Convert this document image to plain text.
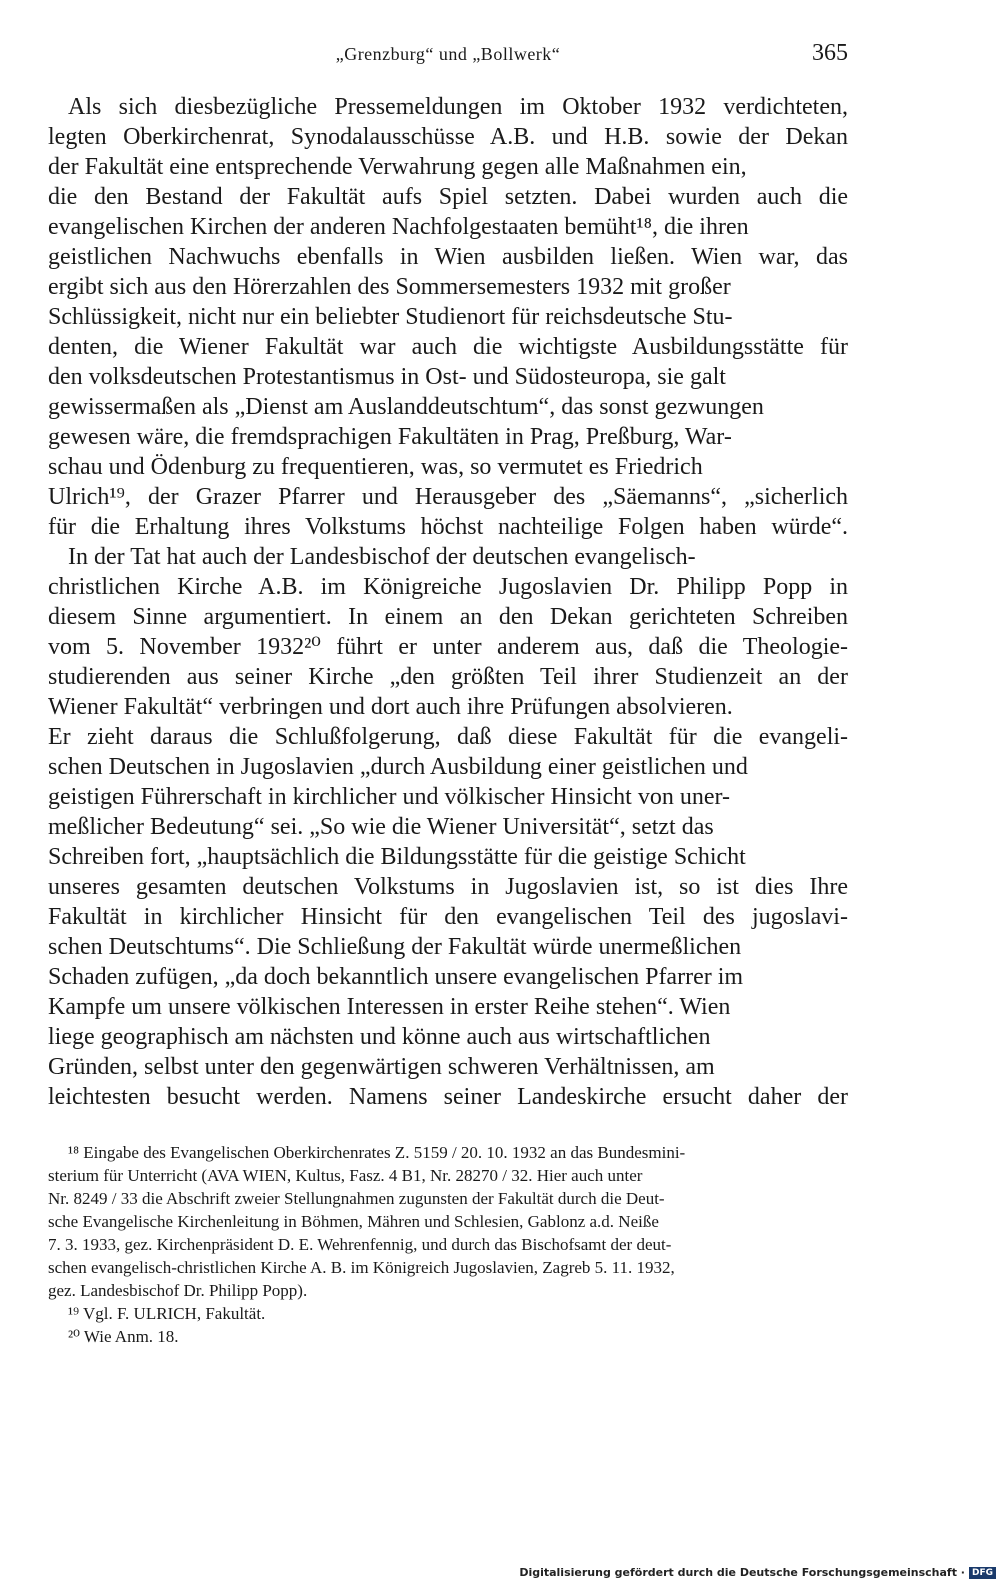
„Grenzburg“ und „Bollwerk“	365
Als sich diesbezügliche Pressemeldungen im Oktober 1932 verdichteten,
legten Oberkirchenrat, Synodalausschüsse A.B. und H.B. sowie der Dekan
der Fakultät eine entsprechende Verwahrung gegen alle Maßnahmen ein,
die den Bestand der Fakultät aufs Spiel setzten. Dabei wurden auch die
evangelischen Kirchen der anderen Nachfolgestaaten bemüht¹⁸, die ihren
geistlichen Nachwuchs ebenfalls in Wien ausbilden ließen. Wien war, das
ergibt sich aus den Hörerzahlen des Sommersemesters 1932 mit großer
Schlüssigkeit, nicht nur ein beliebter Studienort für reichsdeutsche Stu-
denten, die Wiener Fakultät war auch die wichtigste Ausbildungsstätte für
den volksdeutschen Protestantismus in Ost- und Südosteuropa, sie galt
gewissermaßen als „Dienst am Auslanddeutschtum“, das sonst gezwungen
gewesen wäre, die fremdsprachigen Fakultäten in Prag, Preßburg, War-
schau und Ödenburg zu frequentieren, was, so vermutet es Friedrich
Ulrich¹⁹, der Grazer Pfarrer und Herausgeber des „Säemanns“, „sicherlich
für die Erhaltung ihres Volkstums höchst nachteilige Folgen haben würde“.
In der Tat hat auch der Landesbischof der deutschen evangelisch-
christlichen Kirche A.B. im Königreiche Jugoslavien Dr. Philipp Popp in
diesem Sinne argumentiert. In einem an den Dekan gerichteten Schreiben
vom 5. November 1932²⁰ führt er unter anderem aus, daß die Theologie-
studierenden aus seiner Kirche „den größten Teil ihrer Studienzeit an der
Wiener Fakultät“ verbringen und dort auch ihre Prüfungen absolvieren.
Er zieht daraus die Schlußfolgerung, daß diese Fakultät für die evangeli-
schen Deutschen in Jugoslavien „durch Ausbildung einer geistlichen und
geistigen Führerschaft in kirchlicher und völkischer Hinsicht von uner-
meßlicher Bedeutung“ sei. „So wie die Wiener Universität“, setzt das
Schreiben fort, „hauptsächlich die Bildungsstätte für die geistige Schicht
unseres gesamten deutschen Volkstums in Jugoslavien ist, so ist dies Ihre
Fakultät in kirchlicher Hinsicht für den evangelischen Teil des jugoslavi-
schen Deutschtums“. Die Schließung der Fakultät würde unermeßlichen
Schaden zufügen, „da doch bekanntlich unsere evangelischen Pfarrer im
Kampfe um unsere völkischen Interessen in erster Reihe stehen“. Wien
liege geographisch am nächsten und könne auch aus wirtschaftlichen
Gründen, selbst unter den gegenwärtigen schweren Verhältnissen, am
leichtesten besucht werden. Namens seiner Landeskirche ersucht daher der
¹⁸ Eingabe des Evangelischen Oberkirchenrates Z. 5159 / 20. 10. 1932 an das Bundesmini-
sterium für Unterricht (AVA WIEN, Kultus, Fasz. 4 B1, Nr. 28270 / 32. Hier auch unter
Nr. 8249 / 33 die Abschrift zweier Stellungnahmen zugunsten der Fakultät durch die Deut-
sche Evangelische Kirchenleitung in Böhmen, Mähren und Schlesien, Gablonz a.d. Neiße
7. 3. 1933, gez. Kirchenpräsident D. E. Wehrenfennig, und durch das Bischofsamt der deut-
schen evangelisch-christlichen Kirche A. B. im Königreich Jugoslavien, Zagreb 5. 11. 1932,
gez. Landesbischof Dr. Philipp Popp).
¹⁹ Vgl. F. ULRICH, Fakultät.
²⁰ Wie Anm. 18.
Digitalisierung gefördert durch die Deutsche Forschungsgemeinschaft · DFG
